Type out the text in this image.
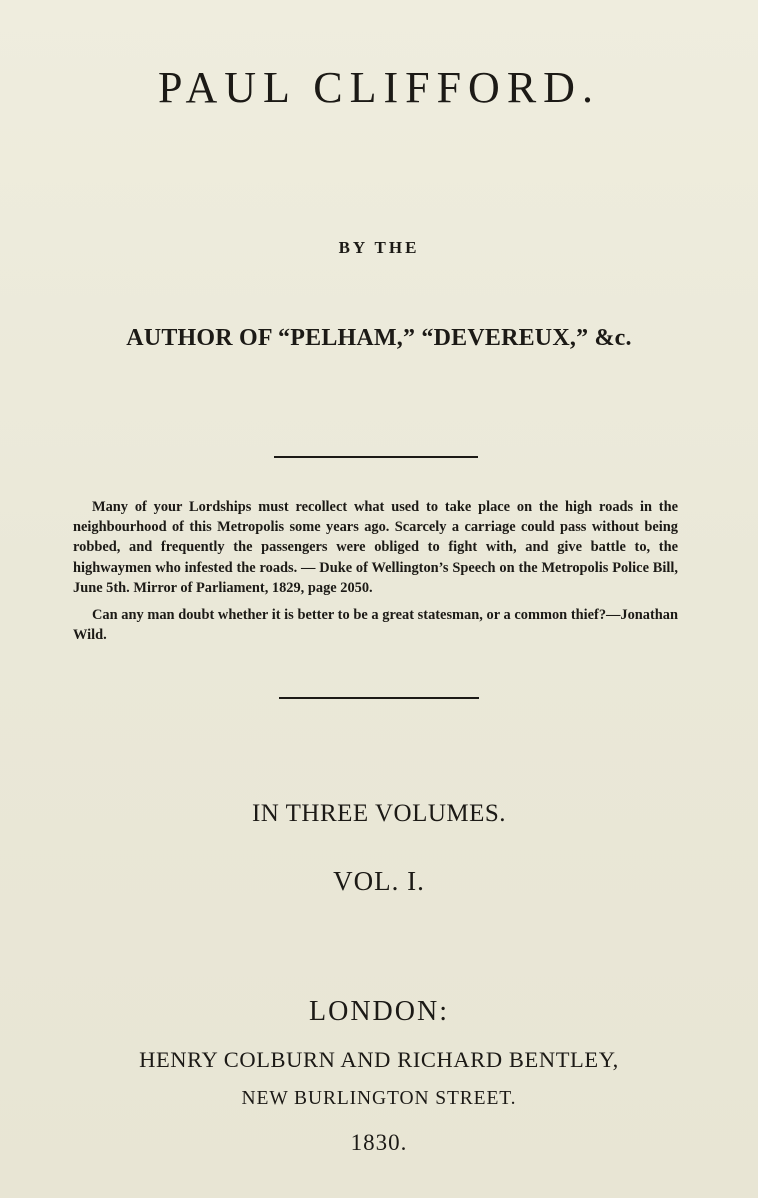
PAUL CLIFFORD.
BY THE
AUTHOR OF “PELHAM,” “DEVEREUX,” &c.

Many of your Lordships must recollect what used to take place on the high roads in the neighbourhood of this Metropolis some years ago. Scarcely a carriage could pass without being robbed, and frequently the passengers were obliged to fight with, and give battle to, the highwaymen who infested the roads. — Duke of Wellington’s Speech on the Metropolis Police Bill, June 5th. Mirror of Parliament, 1829, page 2050.

Can any man doubt whether it is better to be a great statesman, or a common thief?—Jonathan Wild.

IN THREE VOLUMES.
VOL. I.
LONDON:
HENRY COLBURN AND RICHARD BENTLEY,
NEW BURLINGTON STREET.
1830.
